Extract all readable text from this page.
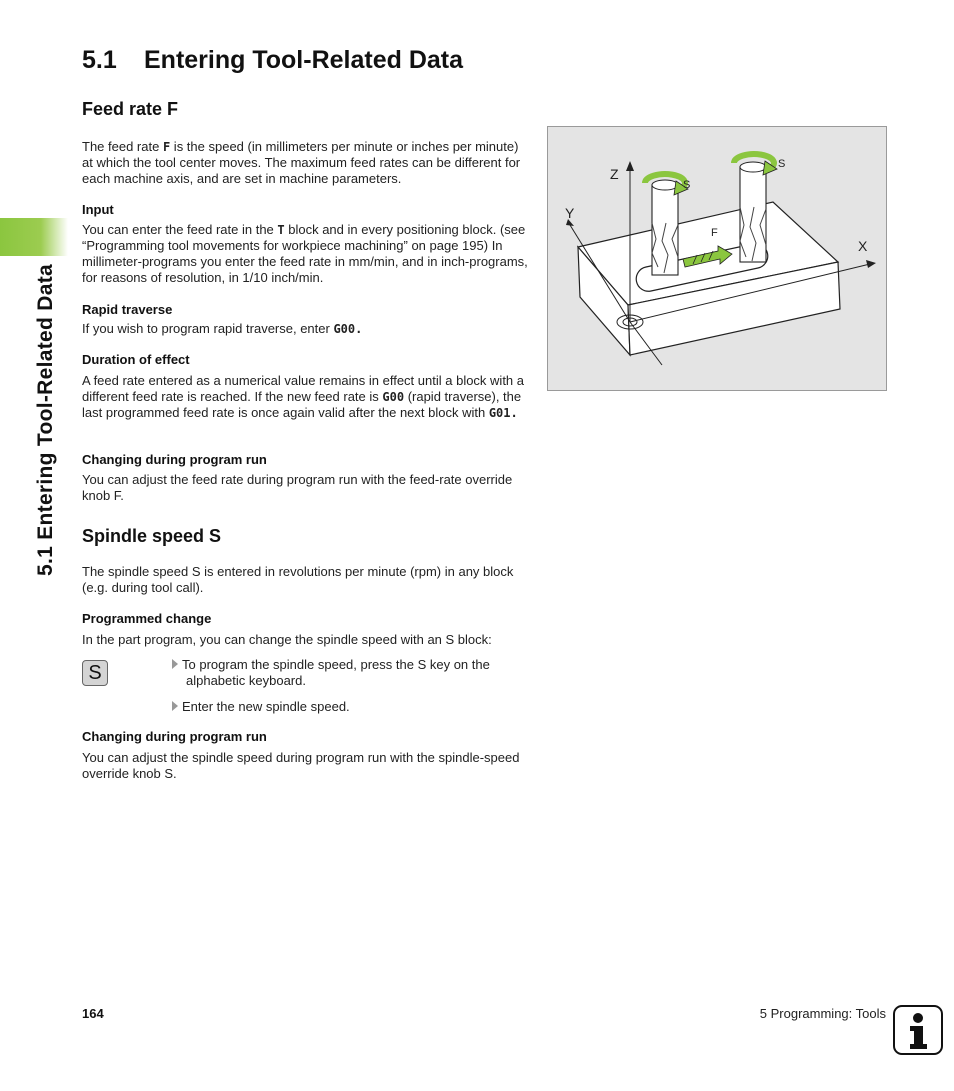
5.1 Entering Tool-Related Data
5.1 Entering Tool-Related Data
Feed rate F

The feed rate F is the speed (in millimeters per minute or inches per minute) at which the tool center moves. The maximum feed rates can be different for each machine axis, and are set in machine parameters.

Input

You can enter the feed rate in the T block and in every positioning block. (see “Programming tool movements for workpiece machining” on page 195) In millimeter-programs you enter the feed rate in mm/min, and in inch-programs, for reasons of resolution, in 1/10 inch/min.

Rapid traverse

If you wish to program rapid traverse, enter G00.

Duration of effect

A feed rate entered as a numerical value remains in effect until a block with a different feed rate is reached. If the new feed rate is G00 (rapid traverse), the last programmed feed rate is once again valid after the next block with G01.

Changing during program run

You can adjust the feed rate during program run with the feed-rate override knob F.

Z
Y
X
S
S
F
Spindle speed S

The spindle speed S is entered in revolutions per minute (rpm) in any block (e.g. during tool call).

Programmed change

In the part program, you can change the spindle speed with an S block:

S	To program the spindle speed, press the S key on the
alphabetic keyboard.

Enter the new spindle speed.

Changing during program run

You can adjust the spindle speed during program run with the spindle-speed override knob S.

164	5 Programming: Tools
